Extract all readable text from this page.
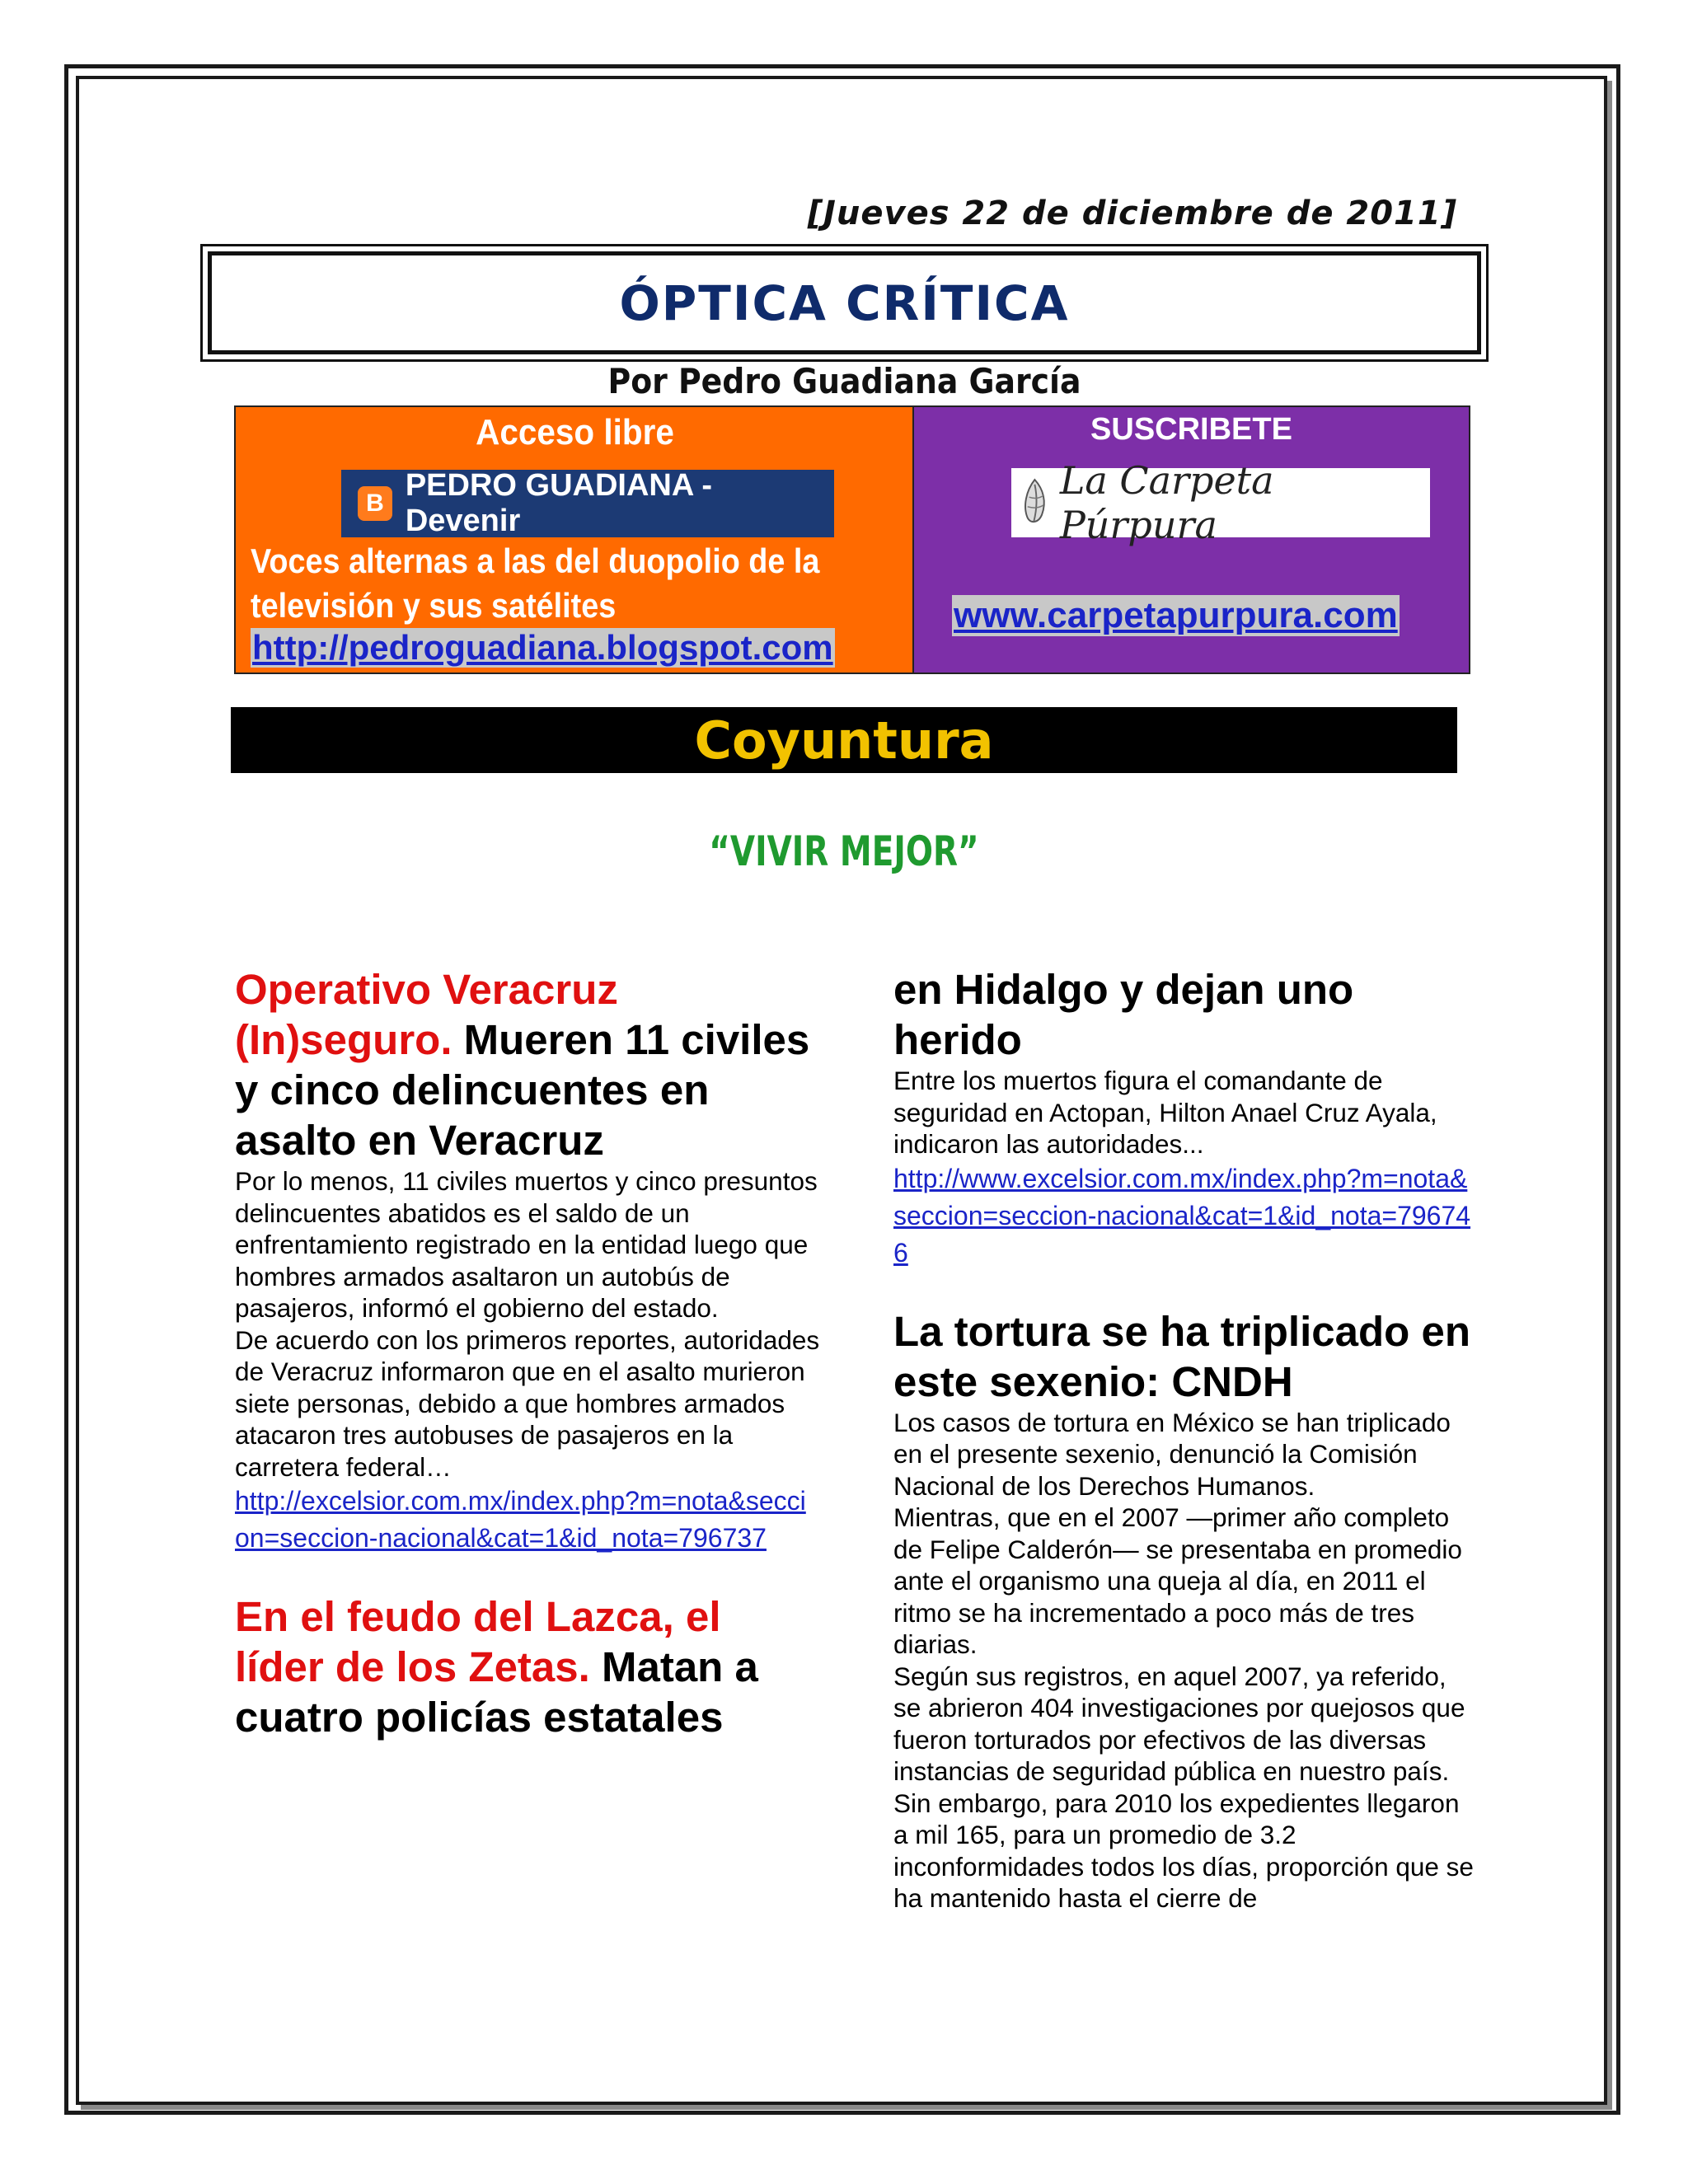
[Jueves 22 de diciembre de 2011]
ÓPTICA CRÍTICA
Por Pedro Guadiana García
Acceso libre
B
PEDRO GUADIANA - Devenir
Voces alternas a las del duopolio de la televisión y sus satélites
http://pedroguadiana.blogspot.com
SUSCRIBETE
La Carpeta Púrpura
www.carpetapurpura.com
Coyuntura
“VIVIR MEJOR”

Operativo Veracruz (In)seguro. Mueren 11 civiles y cinco delincuentes en asalto en Veracruz

Por lo menos, 11 civiles muertos y cinco presuntos delincuentes abatidos es el saldo de un enfrentamiento registrado en la entidad luego que hombres armados asaltaron un autobús de pasajeros, informó el gobierno del estado.

De acuerdo con los primeros reportes, autoridades de Veracruz informaron que en el asalto murieron siete personas, debido a que hombres armados atacaron tres autobuses de pasajeros en la carretera federal…

http://excelsior.com.mx/index.php?m=nota&seccion=seccion-nacional&cat=1&id_nota=796737

En el feudo del Lazca, el líder de los Zetas. Matan a cuatro policías estatales

en Hidalgo y dejan uno herido

Entre los muertos figura el comandante de seguridad en Actopan, Hilton Anael Cruz Ayala, indicaron las autoridades...

http://www.excelsior.com.mx/index.php?m=nota&seccion=seccion-nacional&cat=1&id_nota=796746

La tortura se ha triplicado en este sexenio: CNDH

Los casos de tortura en México se han triplicado en el presente sexenio, denunció la Comisión Nacional de los Derechos Humanos.

Mientras, que en el 2007 —primer año completo de Felipe Calderón— se presentaba en promedio ante el organismo una queja al día, en 2011 el ritmo se ha incrementado a poco más de tres diarias.

Según sus registros, en aquel 2007, ya referido, se abrieron 404 investigaciones por quejosos que fueron torturados por efectivos de las diversas instancias de seguridad pública en nuestro país.

Sin embargo, para 2010 los expedientes llegaron a mil 165, para un promedio de 3.2 inconformidades todos los días, proporción que se ha mantenido hasta el cierre de
